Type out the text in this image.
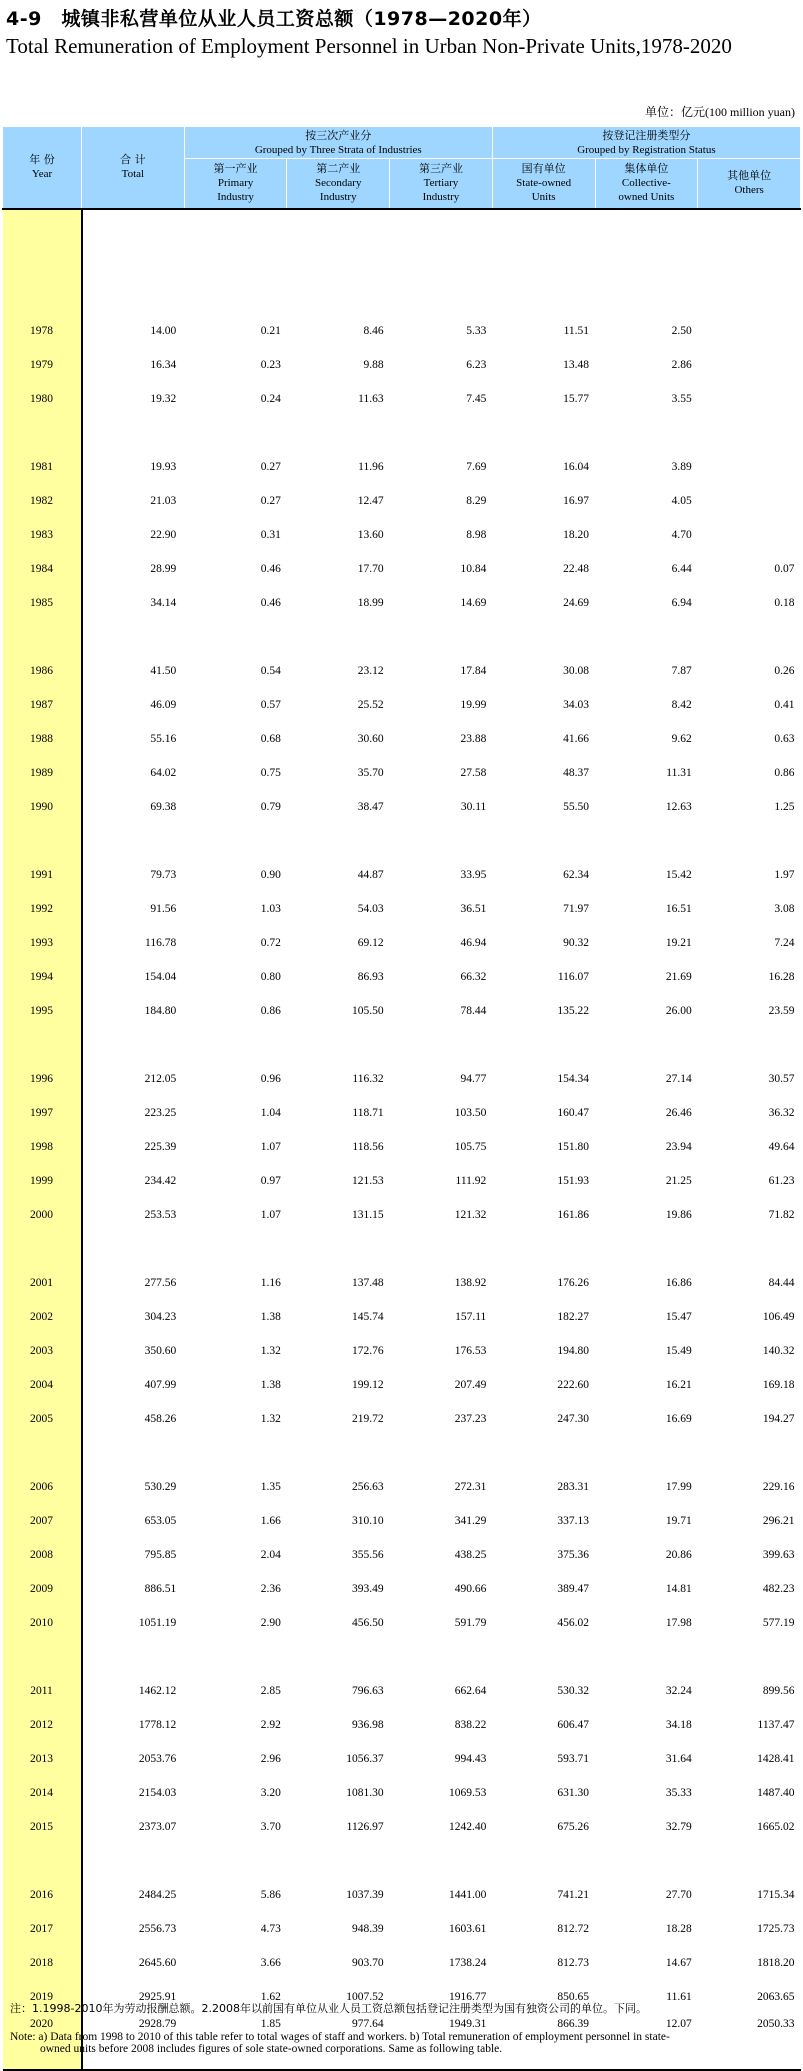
4-9　城镇非私营单位从业人员工资总额（1978—2020年）
Total Remuneration of Employment Personnel in Urban Non-Private Units,1978-2020
单位：亿元(100 million yuan)
年 份
Year	合 计
Total	按三次产业分
Grouped by Three Strata of Industries			按登记注册类型分
Grouped by Registration Status		

		第一产业
Primary
Industry	第二产业
Secondary
Industry	第三产业
Tertiary
Industry	国有单位
State-owned
Units	集体单位
Collective-
owned Units	其他单位
Others

1978	14.00	0.21	8.46	5.33	11.51	2.50	
1979	16.34	0.23	9.88	6.23	13.48	2.86	
1980	19.32	0.24	11.63	7.45	15.77	3.55	

1981	19.93	0.27	11.96	7.69	16.04	3.89	
1982	21.03	0.27	12.47	8.29	16.97	4.05	
1983	22.90	0.31	13.60	8.98	18.20	4.70	
1984	28.99	0.46	17.70	10.84	22.48	6.44	0.07
1985	34.14	0.46	18.99	14.69	24.69	6.94	0.18

1986	41.50	0.54	23.12	17.84	30.08	7.87	0.26
1987	46.09	0.57	25.52	19.99	34.03	8.42	0.41
1988	55.16	0.68	30.60	23.88	41.66	9.62	0.63
1989	64.02	0.75	35.70	27.58	48.37	11.31	0.86
1990	69.38	0.79	38.47	30.11	55.50	12.63	1.25

1991	79.73	0.90	44.87	33.95	62.34	15.42	1.97
1992	91.56	1.03	54.03	36.51	71.97	16.51	3.08
1993	116.78	0.72	69.12	46.94	90.32	19.21	7.24
1994	154.04	0.80	86.93	66.32	116.07	21.69	16.28
1995	184.80	0.86	105.50	78.44	135.22	26.00	23.59

1996	212.05	0.96	116.32	94.77	154.34	27.14	30.57
1997	223.25	1.04	118.71	103.50	160.47	26.46	36.32
1998	225.39	1.07	118.56	105.75	151.80	23.94	49.64
1999	234.42	0.97	121.53	111.92	151.93	21.25	61.23
2000	253.53	1.07	131.15	121.32	161.86	19.86	71.82

2001	277.56	1.16	137.48	138.92	176.26	16.86	84.44
2002	304.23	1.38	145.74	157.11	182.27	15.47	106.49
2003	350.60	1.32	172.76	176.53	194.80	15.49	140.32
2004	407.99	1.38	199.12	207.49	222.60	16.21	169.18
2005	458.26	1.32	219.72	237.23	247.30	16.69	194.27

2006	530.29	1.35	256.63	272.31	283.31	17.99	229.16
2007	653.05	1.66	310.10	341.29	337.13	19.71	296.21
2008	795.85	2.04	355.56	438.25	375.36	20.86	399.63
2009	886.51	2.36	393.49	490.66	389.47	14.81	482.23
2010	1051.19	2.90	456.50	591.79	456.02	17.98	577.19

2011	1462.12	2.85	796.63	662.64	530.32	32.24	899.56
2012	1778.12	2.92	936.98	838.22	606.47	34.18	1137.47
2013	2053.76	2.96	1056.37	994.43	593.71	31.64	1428.41
2014	2154.03	3.20	1081.30	1069.53	631.30	35.33	1487.40
2015	2373.07	3.70	1126.97	1242.40	675.26	32.79	1665.02

2016	2484.25	5.86	1037.39	1441.00	741.21	27.70	1715.34
2017	2556.73	4.73	948.39	1603.61	812.72	18.28	1725.73
2018	2645.60	3.66	903.70	1738.24	812.73	14.67	1818.20
2019	2925.91	1.62	1007.52	1916.77	850.65	11.61	2063.65
2020	2928.79	1.85	977.64	1949.31	866.39	12.07	2050.33
注：1.1998-2010年为劳动报酬总额。2.2008年以前国有单位从业人员工资总额包括登记注册类型为国有独资公司的单位。下同。
Note: a) Data from 1998 to 2010 of this table refer to total wages of staff and workers. b) Total remuneration of employment personnel in state-
owned units before 2008 includes figures of sole state-owned corporations. Same as following table.
